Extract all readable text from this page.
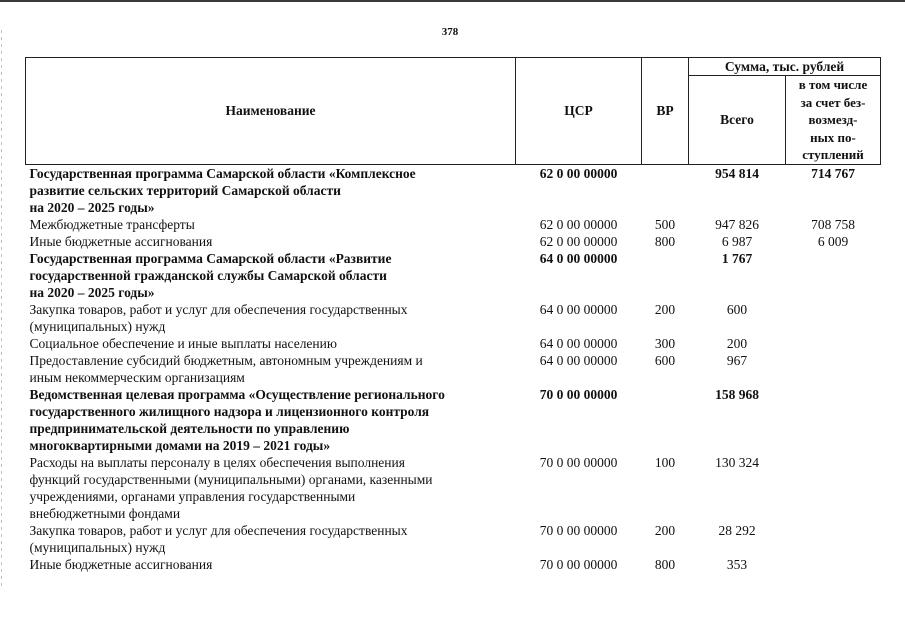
378
Наименование	ЦСР	ВР	Сумма, тыс. рублей	
			Всего	в том числе
за счет без-
возмезд-
ных по-
ступлений

Государственная программа Самарской области «Комплексное
развитие сельских территорий Самарской области
на 2020 – 2025 годы»	62 0 00 00000		954 814	714 767

Межбюджетные трансферты	62 0 00 00000	500	947 826	708 758

Иные бюджетные ассигнования	62 0 00 00000	800	6 987	6 009

Государственная программа Самарской области «Развитие
государственной гражданской службы Самарской области
на 2020 – 2025 годы»	64 0 00 00000		1 767	

Закупка товаров, работ и услуг для обеспечения государственных
(муниципальных) нужд	64 0 00 00000	200	600	

Социальное обеспечение и иные выплаты населению	64 0 00 00000	300	200	

Предоставление субсидий бюджетным, автономным учреждениям и
иным некоммерческим организациям	64 0 00 00000	600	967	

Ведомственная целевая программа «Осуществление регионального
государственного жилищного надзора и лицензионного контроля
предпринимательской деятельности по управлению
многоквартирными домами на 2019 – 2021 годы»	70 0 00 00000		158 968	

Расходы на выплаты персоналу в целях обеспечения выполнения
функций государственными (муниципальными) органами, казенными
учреждениями, органами управления государственными
внебюджетными фондами	70 0 00 00000	100	130 324	

Закупка товаров, работ и услуг для обеспечения государственных
(муниципальных) нужд	70 0 00 00000	200	28 292	

Иные бюджетные ассигнования	70 0 00 00000	800	353	
